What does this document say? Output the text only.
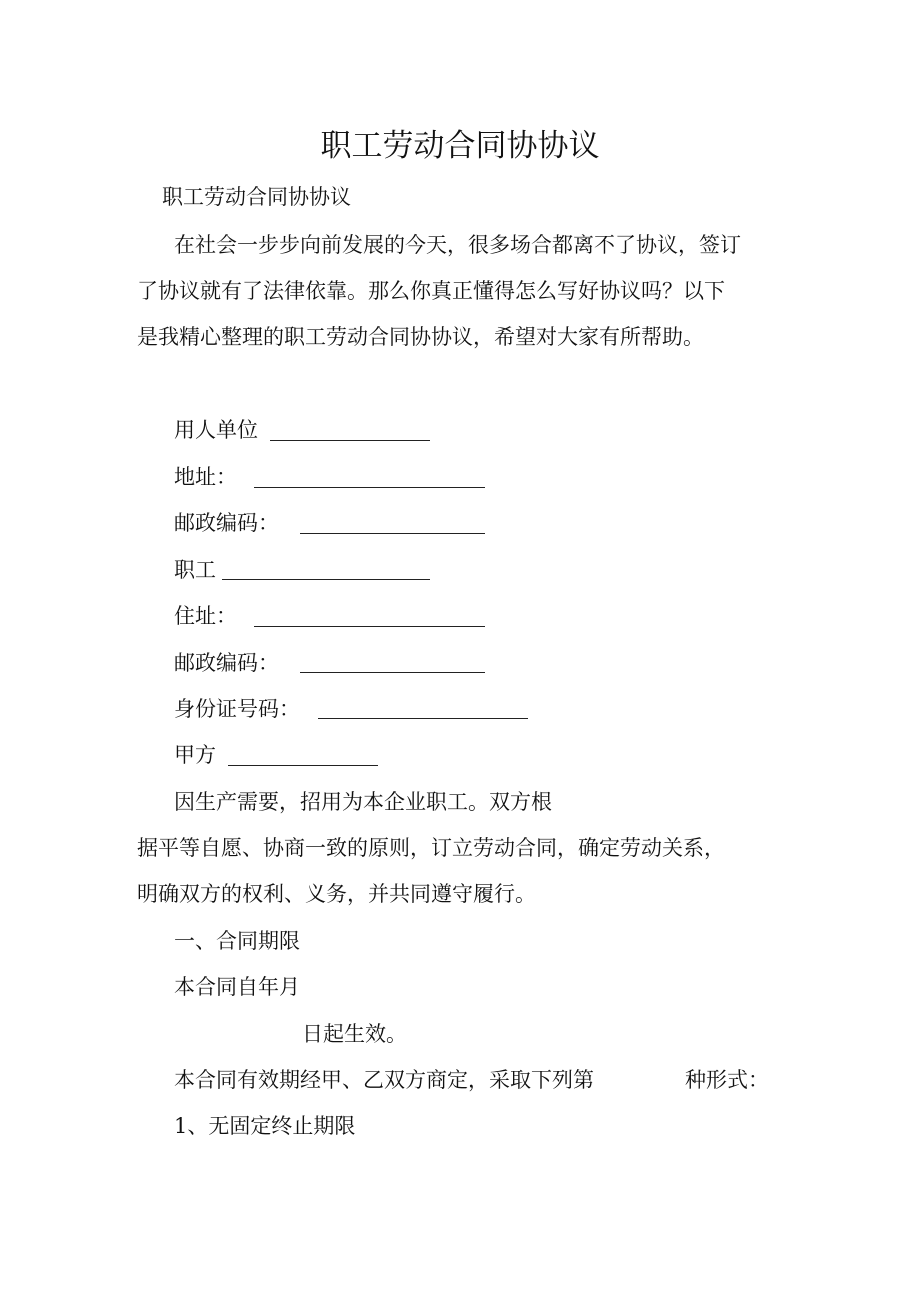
职工劳动合同协协议

职工劳动合同协协议

在社会一步步向前发展的今天，很多场合都离不了协议，签订

了协议就有了法律依靠。那么你真正懂得怎么写好协议吗？以下

是我精心整理的职工劳动合同协协议，希望对大家有所帮助。

用人单位
地址：
邮政编码：
职工
住址：
邮政编码：
身份证号码：
甲方

因生产需要，招用为本企业职工。双方根

据平等自愿、协商一致的原则，订立劳动合同，确定劳动关系，

明确双方的权利、义务，并共同遵守履行。

一、合同期限

本合同自年月

日起生效。

本合同有效期经甲、乙双方商定，采取下列第	种形式：

1、无固定终止期限
